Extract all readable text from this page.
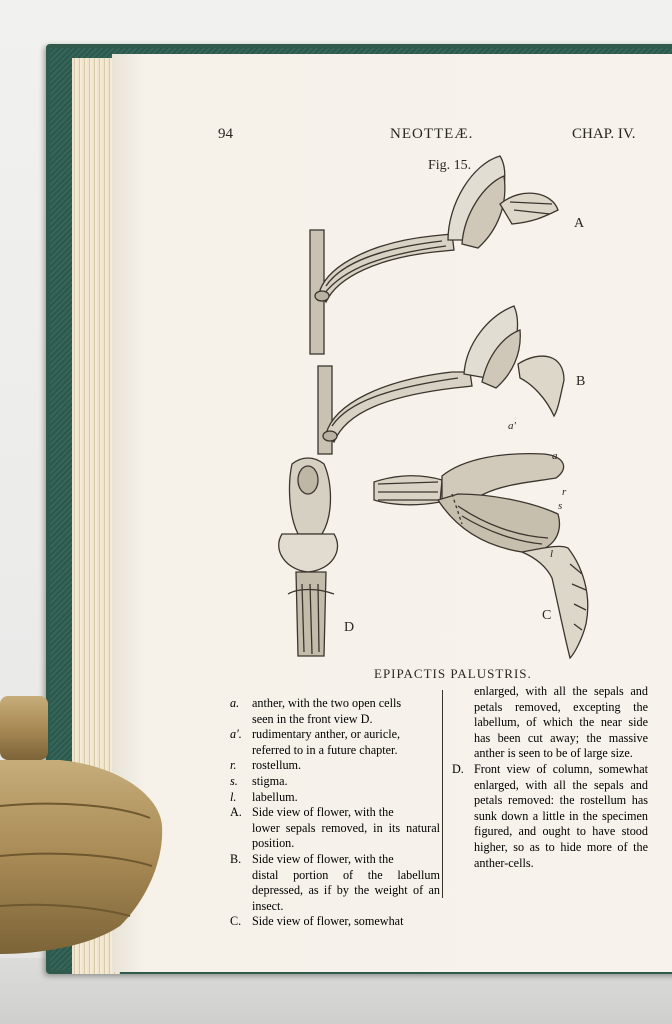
94	NEOTTEÆ.	CHAP. IV.
Fig. 15.
A
B
C
D
a
a'
r
s
l
EPIPACTIS PALUSTRIS.
a.	anther, with the two open cells
seen in the front view D.
a'. rudimentary anther, or auricle,
referred to in a future chapter.
r.	rostellum.
s.	stigma.
l.	labellum.
A. Side view of flower, with the
lower sepals removed, in its natural position.
B. Side view of flower, with the
distal portion of the labellum depressed, as if by the weight of an insect.
C. Side view of flower, somewhat
enlarged, with all the sepals and petals removed, excepting the labellum, of which the near side has been cut away; the massive anther is seen to be of large size.
D. Front view of column, somewhat enlarged, with all the sepals and petals removed: the rostellum has sunk down a little in the specimen figured, and ought to have stood higher, so as to hide more of the anther-cells.
